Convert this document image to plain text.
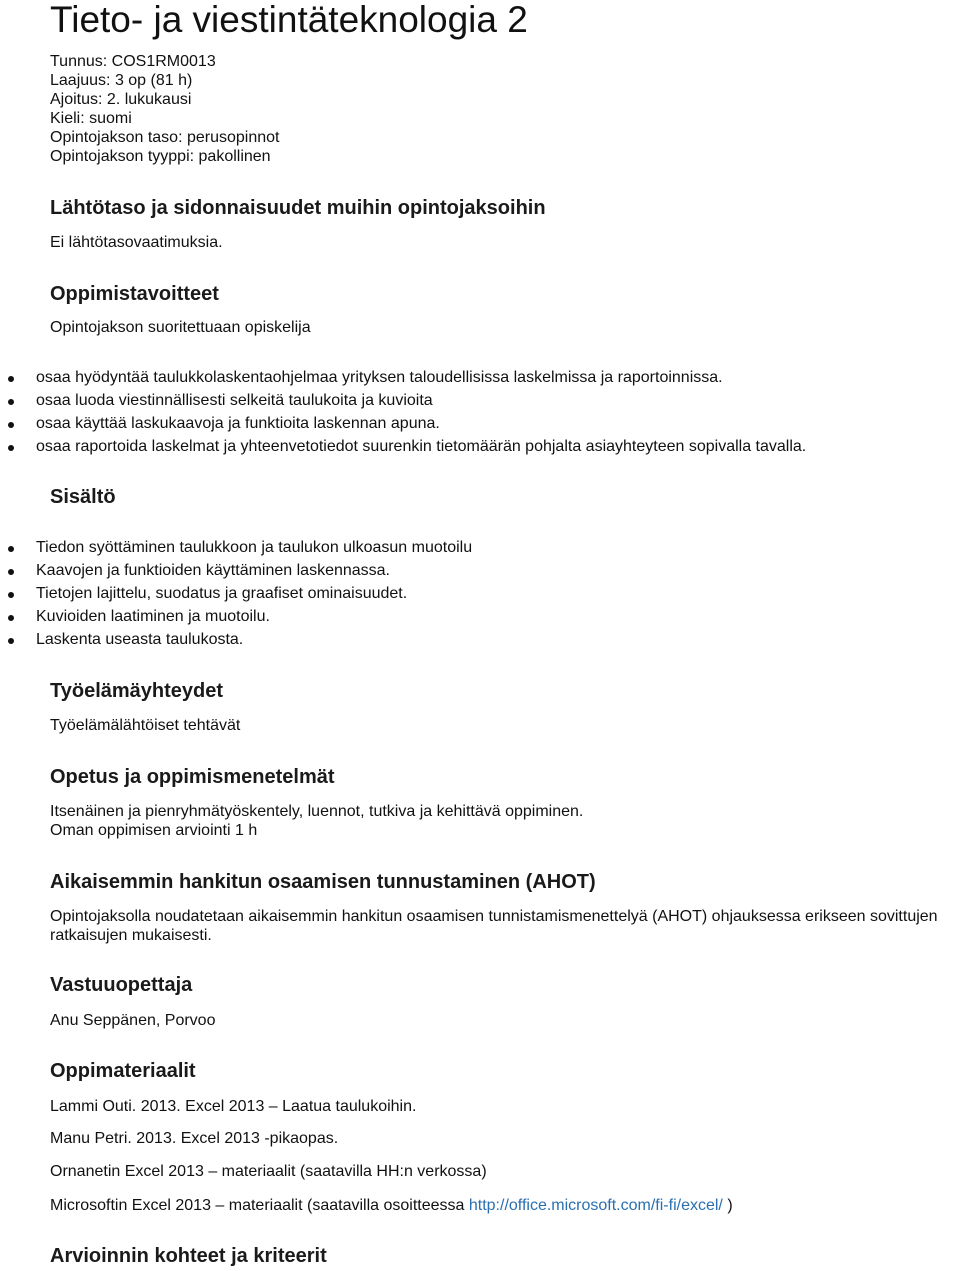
Tieto- ja viestintäteknologia 2
Tunnus: COS1RM0013
Laajuus: 3 op (81 h)
Ajoitus: 2. lukukausi
Kieli: suomi
Opintojakson taso: perusopinnot
Opintojakson tyyppi: pakollinen
Lähtötaso ja sidonnaisuudet muihin opintojaksoihin
Ei lähtötasovaatimuksia.
Oppimistavoitteet
Opintojakson suoritettuaan opiskelija
osaa hyödyntää taulukkolaskentaohjelmaa yrityksen taloudellisissa laskelmissa ja raportoinnissa.
osaa luoda viestinnällisesti selkeitä taulukoita ja kuvioita
osaa käyttää laskukaavoja ja funktioita laskennan apuna.
osaa raportoida laskelmat ja yhteenvetotiedot suurenkin tietomäärän pohjalta asiayhteyteen sopivalla tavalla.
Sisältö
Tiedon syöttäminen taulukkoon ja taulukon ulkoasun muotoilu
Kaavojen ja funktioiden käyttäminen laskennassa.
Tietojen lajittelu, suodatus ja graafiset ominaisuudet.
Kuvioiden laatiminen ja muotoilu.
Laskenta useasta taulukosta.
Työelämäyhteydet
Työelämälähtöiset tehtävät
Opetus ja oppimismenetelmät
Itsenäinen ja pienryhmätyöskentely, luennot, tutkiva ja kehittävä oppiminen.
Oman oppimisen arviointi 1 h
Aikaisemmin hankitun osaamisen tunnustaminen (AHOT)
Opintojaksolla noudatetaan aikaisemmin hankitun osaamisen tunnistamismenettelyä (AHOT) ohjauksessa erikseen sovittujen
ratkaisujen mukaisesti.
Vastuuopettaja
Anu Seppänen, Porvoo
Oppimateriaalit
Lammi Outi. 2013. Excel 2013 – Laatua taulukoihin.
Manu Petri. 2013. Excel 2013 -pikaopas.
Ornanetin Excel 2013 – materiaalit (saatavilla HH:n verkossa)
Microsoftin Excel 2013 – materiaalit (saatavilla osoitteessa http://office.microsoft.com/fi-fi/excel/ )
Arvioinnin kohteet ja kriteerit
